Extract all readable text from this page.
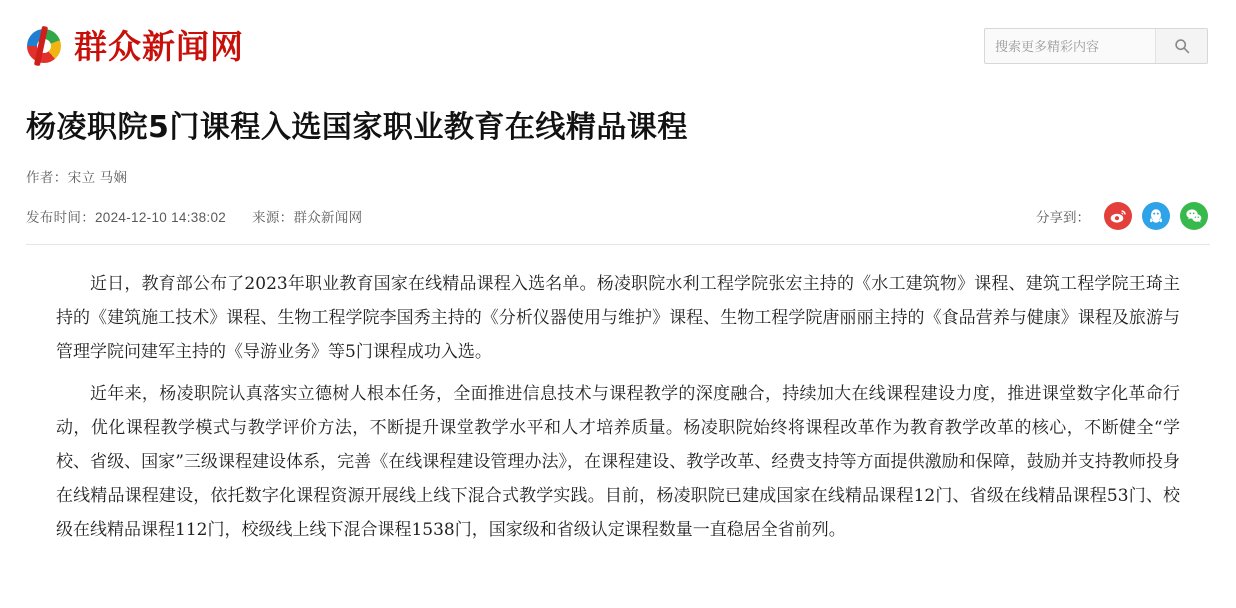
群众新闻网
搜索更多精彩内容
杨凌职院5门课程入选国家职业教育在线精品课程
作者：宋立 马娴
发布时间：2024-12-10 14:38:02 来源：群众新闻网	分享到：

近日，教育部公布了2023年职业教育国家在线精品课程入选名单。杨凌职院水利工程学院张宏主持的《水工建筑物》课程、建筑工程学院王琦主持的《建筑施工技术》课程、生物工程学院李国秀主持的《分析仪器使用与维护》课程、生物工程学院唐丽丽主持的《食品营养与健康》课程及旅游与管理学院问建军主持的《导游业务》等5门课程成功入选。

近年来，杨凌职院认真落实立德树人根本任务，全面推进信息技术与课程教学的深度融合，持续加大在线课程建设力度，推进课堂数字化革命行动，优化课程教学模式与教学评价方法，不断提升课堂教学水平和人才培养质量。杨凌职院始终将课程改革作为教育教学改革的核心，不断健全“学校、省级、国家”三级课程建设体系，完善《在线课程建设管理办法》，在课程建设、教学改革、经费支持等方面提供激励和保障，鼓励并支持教师投身在线精品课程建设，依托数字化课程资源开展线上线下混合式教学实践。目前，杨凌职院已建成国家在线精品课程12门、省级在线精品课程53门、校级在线精品课程112门，校级线上线下混合课程1538门，国家级和省级认定课程数量一直稳居全省前列。
